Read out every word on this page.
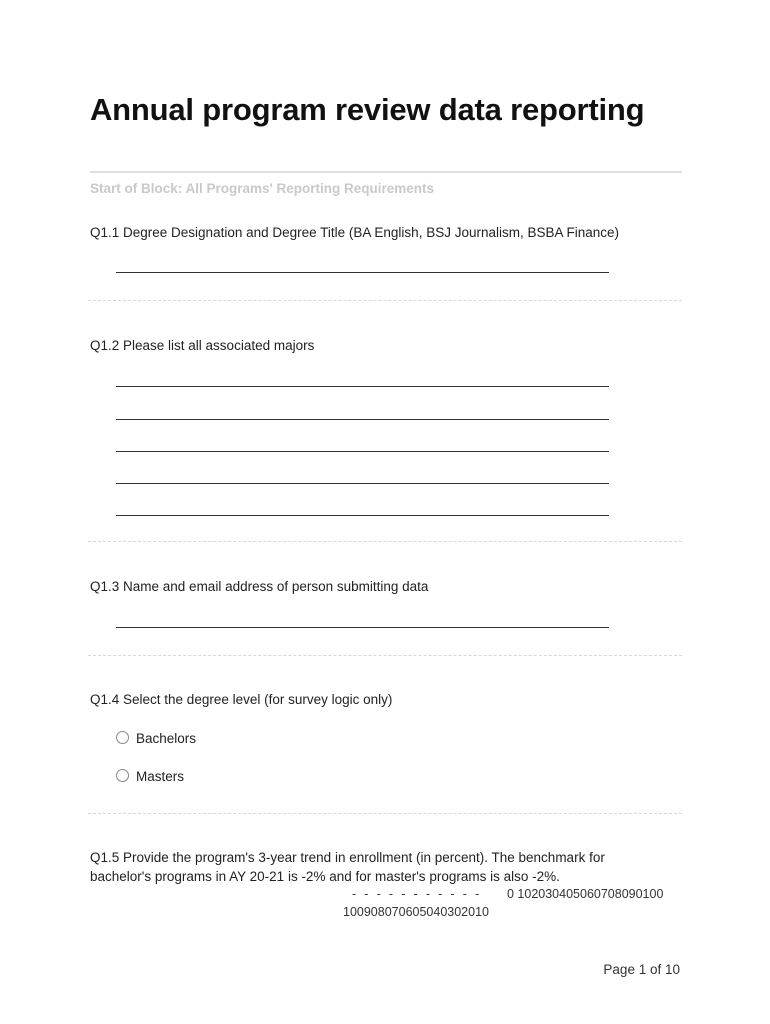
Annual program review data reporting
Start of Block: All Programs' Reporting Requirements
Q1.1 Degree Designation and Degree Title (BA English, BSJ Journalism, BSBA Finance)
Q1.2 Please list all associated majors
Q1.3 Name and email address of person submitting data
Q1.4 Select the degree level (for survey logic only)
Bachelors
Masters
Q1.5 Provide the program's 3-year trend in enrollment (in percent). The benchmark for
bachelor's programs in AY 20-21 is -2% and for master's programs is also -2%.
-  -  -  -  -  -  -  -  -  -  - 0 102030405060708090100
100908070605040302010
Page 1 of 10
